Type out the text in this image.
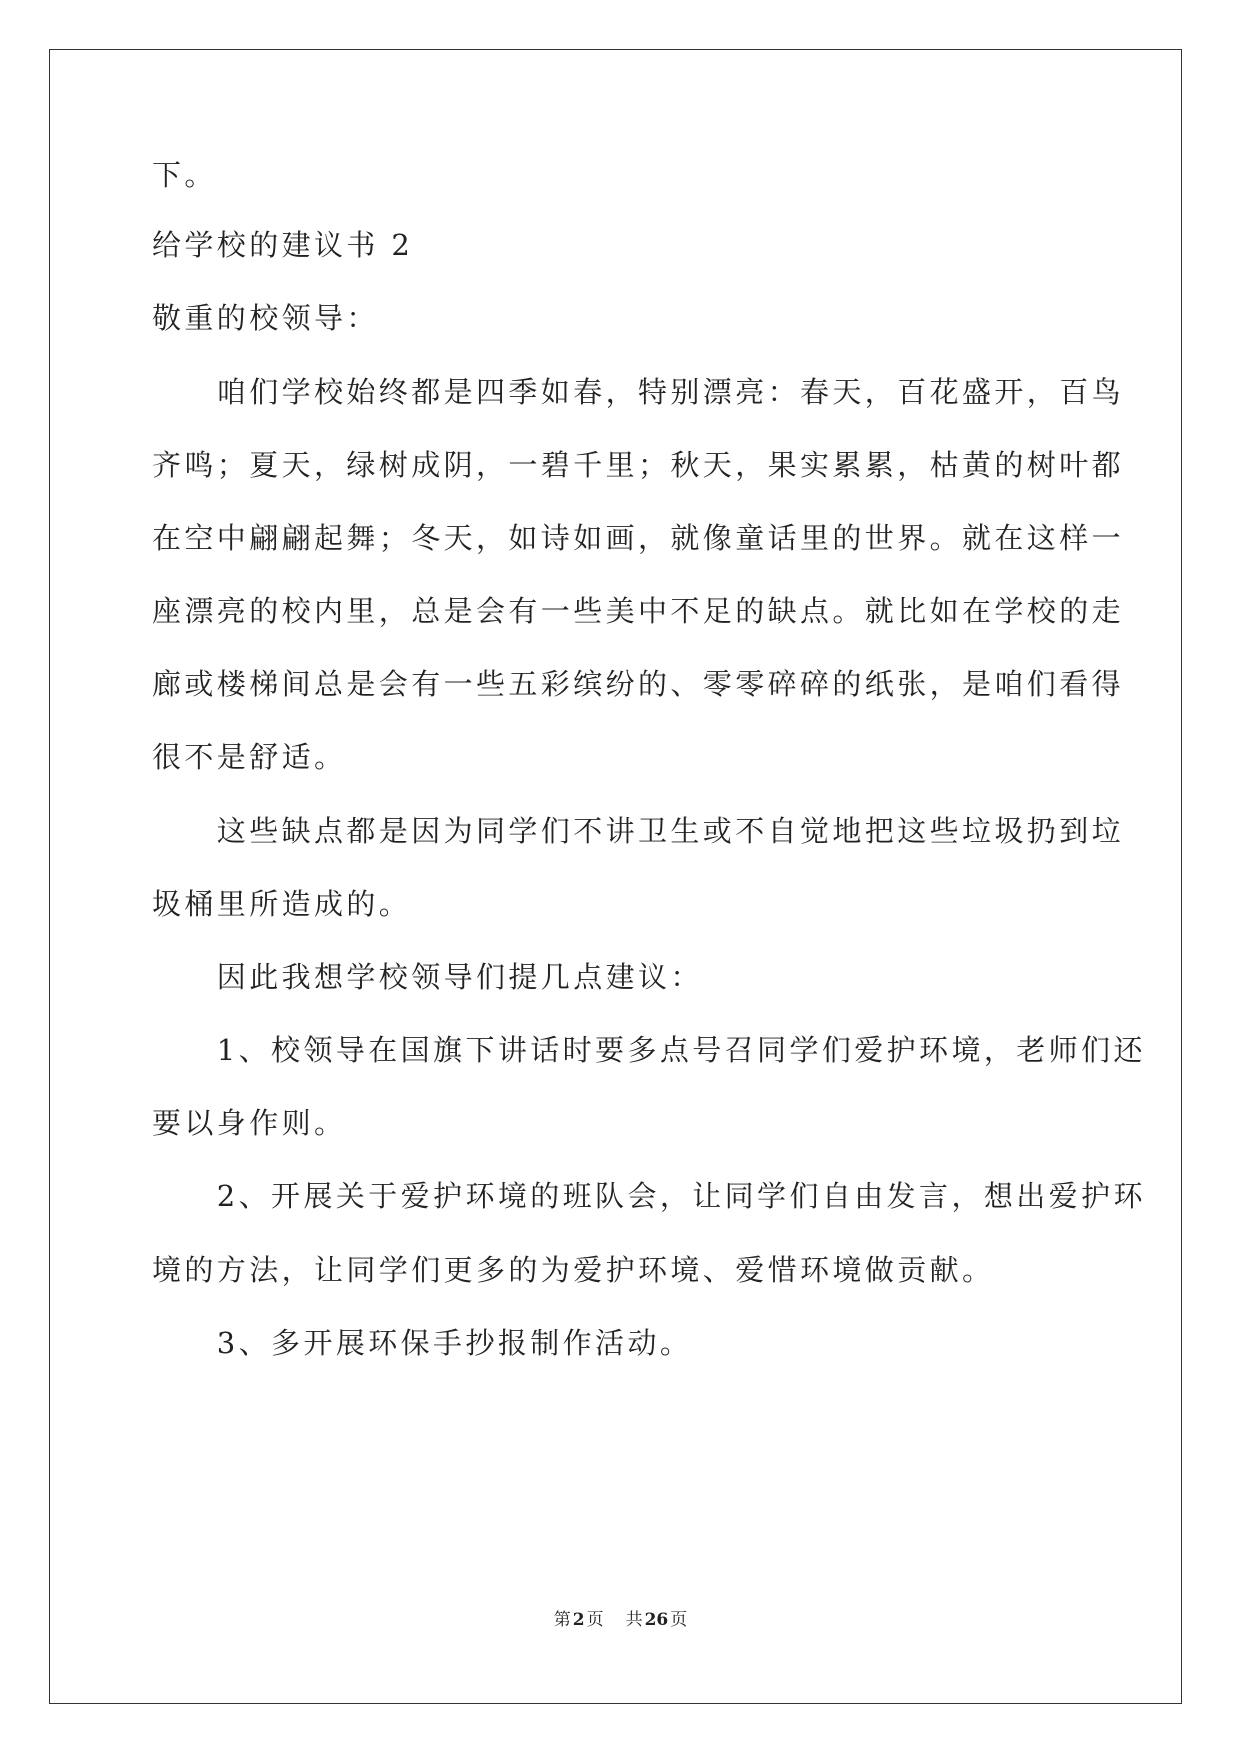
下。
给学校的建议书 2
敬重的校领导：
　　咱们学校始终都是四季如春，特别漂亮：春天，百花盛开，百鸟
齐鸣；夏天，绿树成阴，一碧千里；秋天，果实累累，枯黄的树叶都
在空中翩翩起舞；冬天，如诗如画，就像童话里的世界。就在这样一
座漂亮的校内里，总是会有一些美中不足的缺点。就比如在学校的走
廊或楼梯间总是会有一些五彩缤纷的、零零碎碎的纸张，是咱们看得
很不是舒适。
　　这些缺点都是因为同学们不讲卫生或不自觉地把这些垃圾扔到垃
圾桶里所造成的。
　　因此我想学校领导们提几点建议：
　　1、校领导在国旗下讲话时要多点号召同学们爱护环境，老师们还
要以身作则。
　　2、开展关于爱护环境的班队会，让同学们自由发言，想出爱护环
境的方法，让同学们更多的为爱护环境、爱惜环境做贡献。
　　3、多开展环保手抄报制作活动。
第 2 页 共 26 页
